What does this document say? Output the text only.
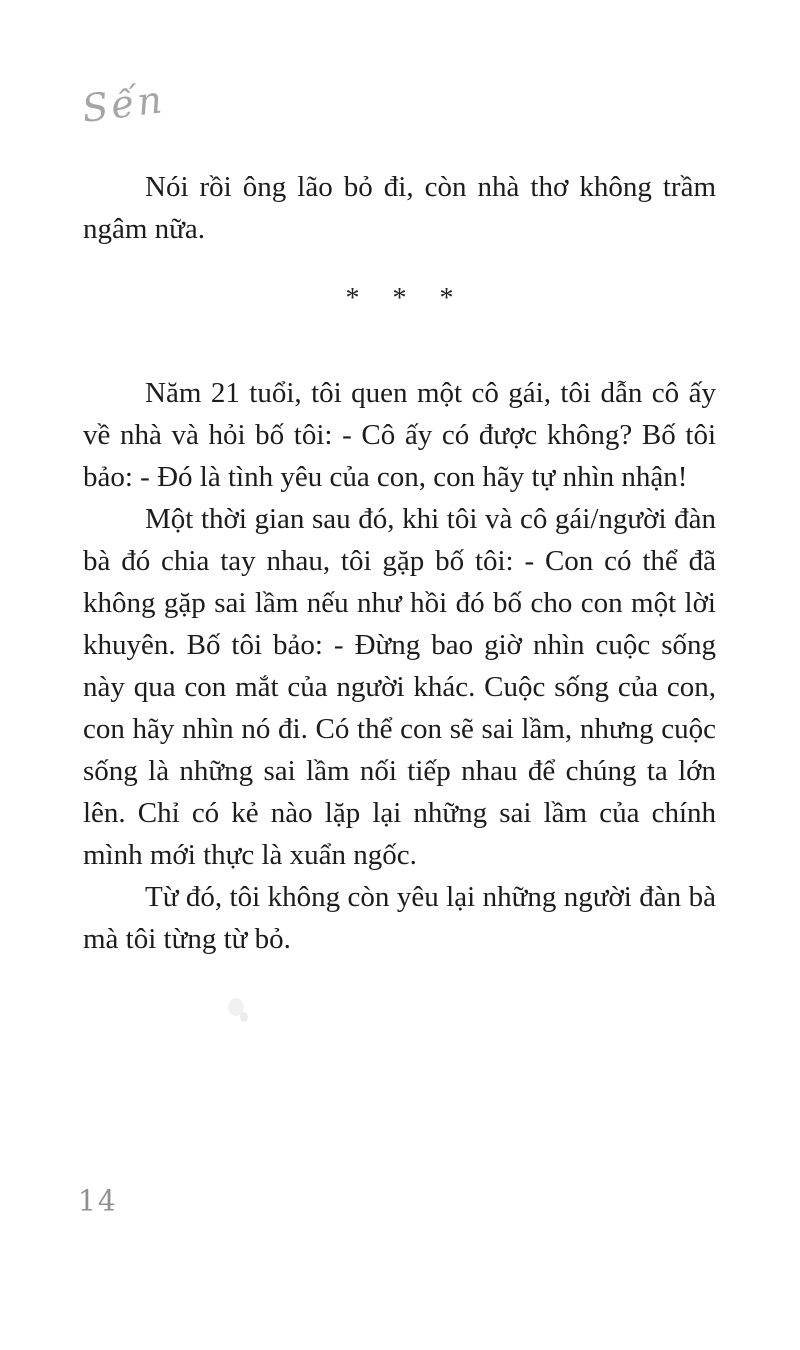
Sến

Nói rồi ông lão bỏ đi, còn nhà thơ không trầm ngâm nữa.

* * *

Năm 21 tuổi, tôi quen một cô gái, tôi dẫn cô ấy về nhà và hỏi bố tôi: - Cô ấy có được không? Bố tôi bảo: - Đó là tình yêu của con, con hãy tự nhìn nhận!

Một thời gian sau đó, khi tôi và cô gái/người đàn bà đó chia tay nhau, tôi gặp bố tôi: - Con có thể đã không gặp sai lầm nếu như hồi đó bố cho con một lời khuyên. Bố tôi bảo: - Đừng bao giờ nhìn cuộc sống này qua con mắt của người khác. Cuộc sống của con, con hãy nhìn nó đi. Có thể con sẽ sai lầm, nhưng cuộc sống là những sai lầm nối tiếp nhau để chúng ta lớn lên. Chỉ có kẻ nào lặp lại những sai lầm của chính mình mới thực là xuẩn ngốc.

Từ đó, tôi không còn yêu lại những người đàn bà mà tôi từng từ bỏ.

14
